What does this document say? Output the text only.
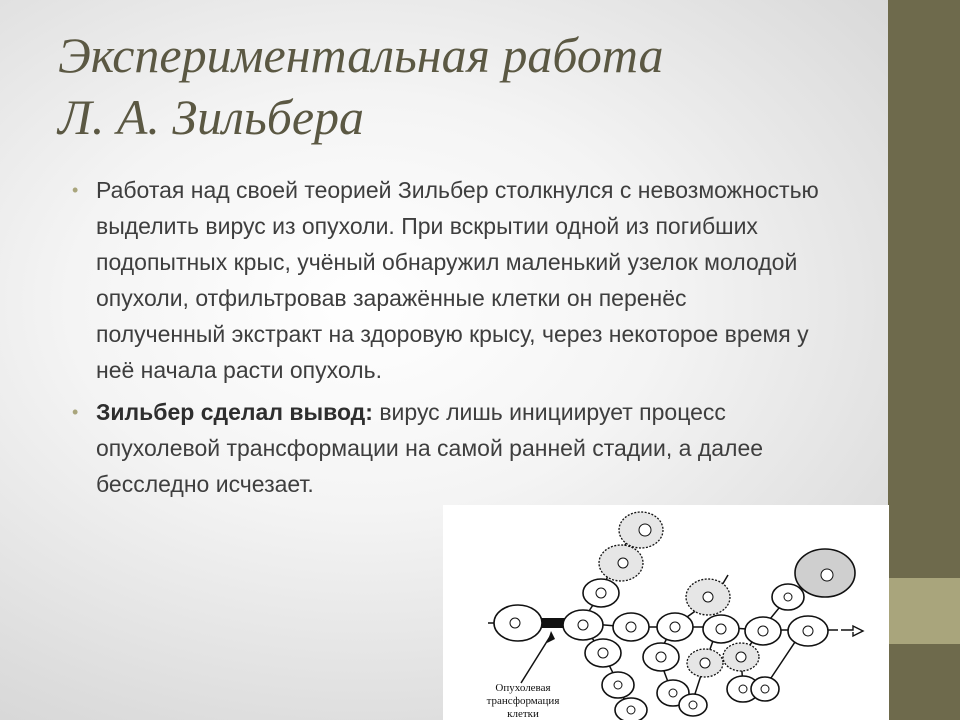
Экспериментальная работа
Л. А. Зильбера
• Работая над своей теорией Зильбер столкнулся с невозможностью выделить вирус из опухоли. При вскрытии одной из погибших подопытных крыс, учёный обнаружил маленький узелок молодой опухоли, отфильтровав заражённые клетки он перенёс полученный экстракт на здоровую крысу, через некоторое время у неё начала расти опухоль.
• Зильбер сделал вывод: вирус лишь инициирует процесс опухолевой трансформации на самой ранней стадии, а далее бесследно исчезает.
Опухолевая
трансформация
клетки
